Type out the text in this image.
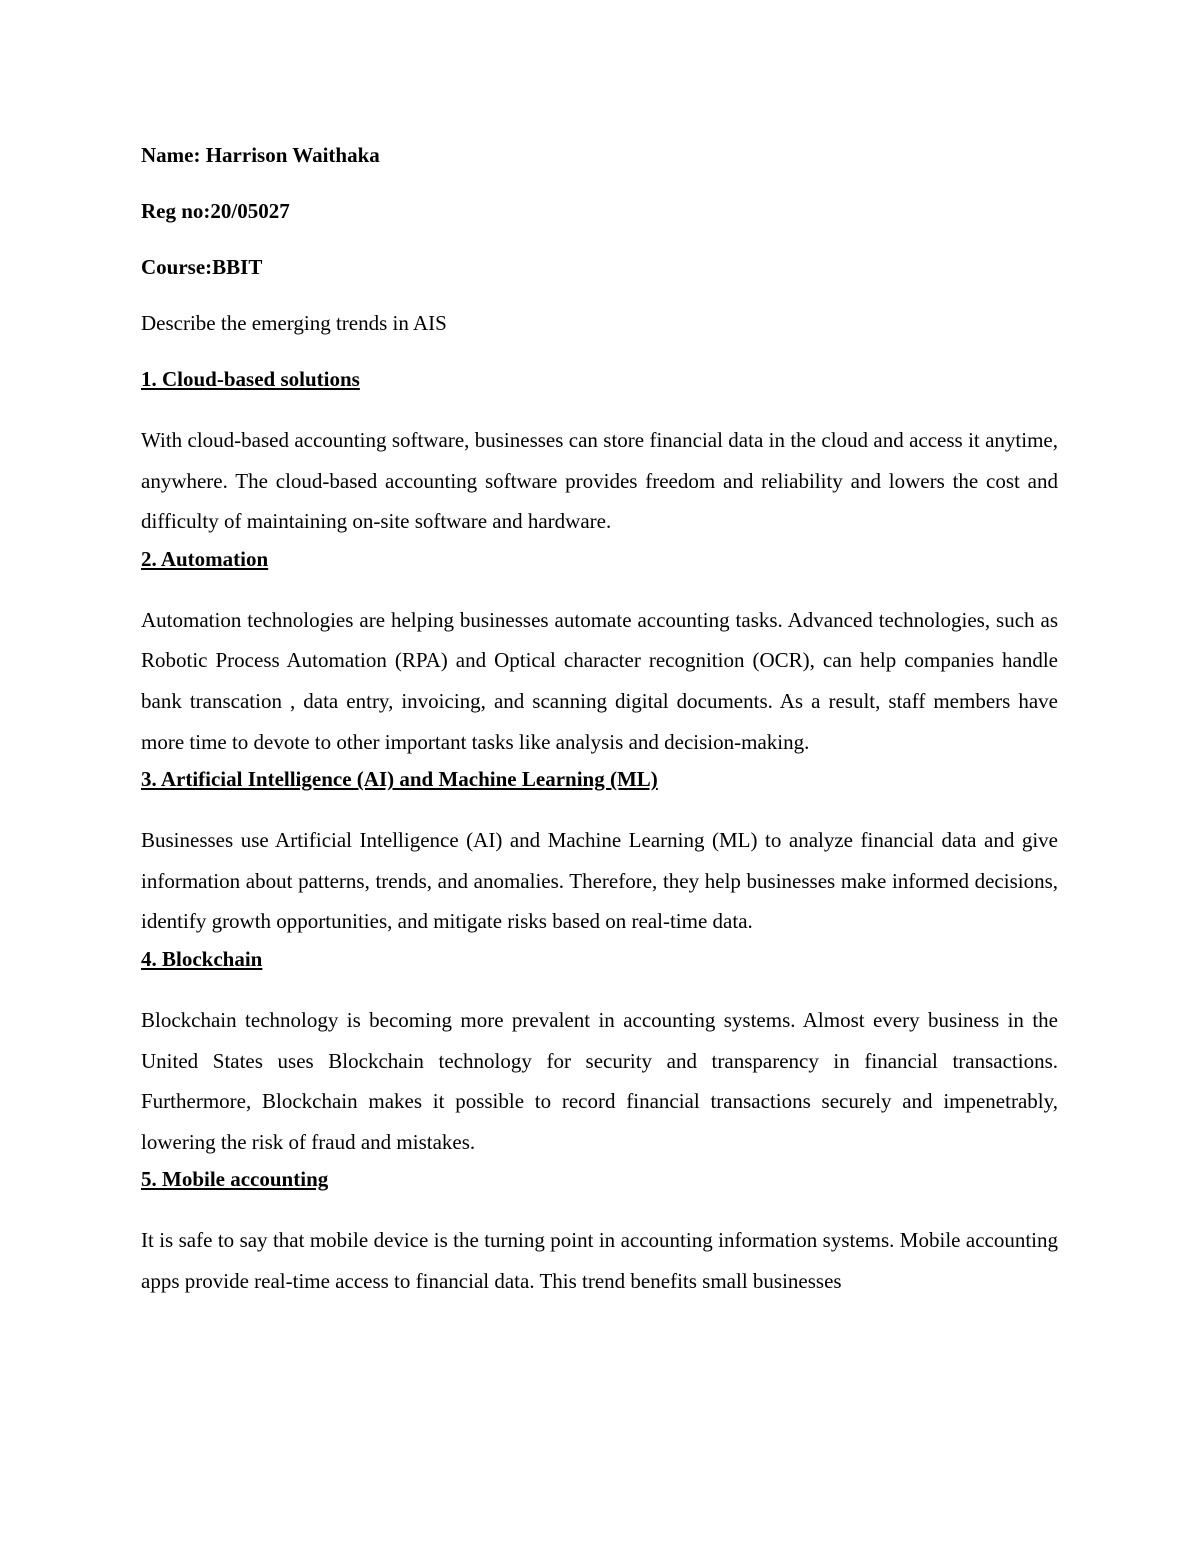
Name: Harrison Waithaka

Reg no:20/05027

Course:BBIT

Describe the emerging trends in AIS

1. Cloud-based solutions

With cloud-based accounting software, businesses can store financial data in the cloud and access it anytime, anywhere. The cloud-based accounting software provides freedom and reliability and lowers the cost and difficulty of maintaining on-site software and hardware.

2. Automation

Automation technologies are helping businesses automate accounting tasks. Advanced technologies, such as Robotic Process Automation (RPA) and Optical character recognition (OCR), can help companies handle bank transcation , data entry, invoicing, and scanning digital documents. As a result, staff members have more time to devote to other important tasks like analysis and decision-making.

3. Artificial Intelligence (AI) and Machine Learning (ML)

Businesses use Artificial Intelligence (AI) and Machine Learning (ML) to analyze financial data and give information about patterns, trends, and anomalies. Therefore, they help businesses make informed decisions, identify growth opportunities, and mitigate risks based on real-time data.

4. Blockchain

Blockchain technology is becoming more prevalent in accounting systems. Almost every business in the United States uses Blockchain technology for security and transparency in financial transactions. Furthermore, Blockchain makes it possible to record financial transactions securely and impenetrably, lowering the risk of fraud and mistakes.

5. Mobile accounting

It is safe to say that mobile device is the turning point in accounting information systems. Mobile accounting apps provide real-time access to financial data. This trend benefits small businesses
